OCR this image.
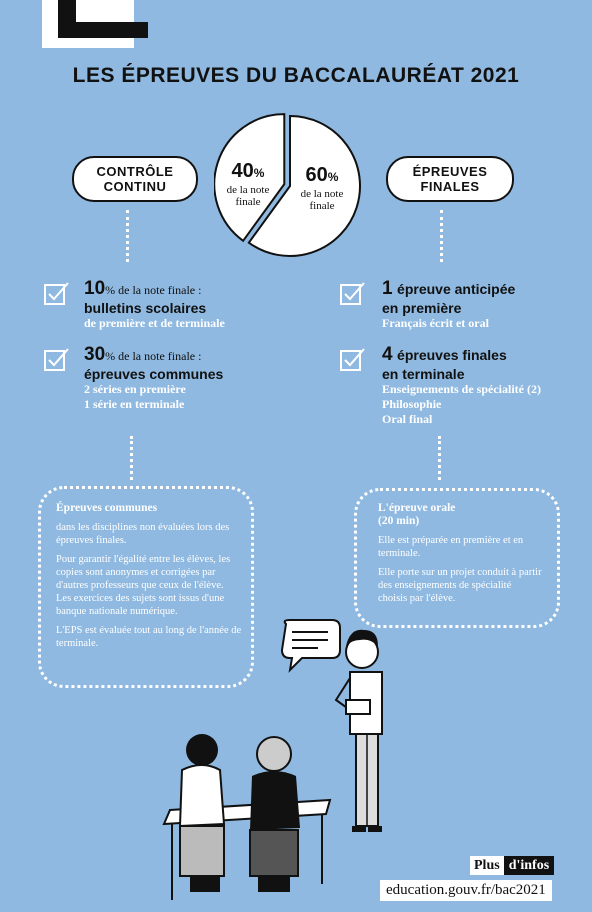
LES ÉPREUVES DU BACCALAURÉAT 2021
CONTRÔLE
CONTINU
ÉPREUVES
FINALES
40%
de la note
finale
60%
de la note
finale
10% de la note finale :
bulletins scolaires
de première et de terminale
30% de la note finale :
épreuves communes
2 séries en première
1 série en terminale
1 épreuve anticipée
en première
Français écrit et oral
4 épreuves finales
en terminale
Enseignements de spécialité (2)
Philosophie
Oral final

Épreuves communes

dans les disciplines non évaluées lors des épreuves finales.

Pour garantir l'égalité entre les élèves, les copies sont anonymes et corrigées par d'autres professeurs que ceux de l'élève.

Les exercices des sujets sont issus d'une banque nationale numérique.

L'EPS est évaluée tout au long de l'année de terminale.

L'épreuve orale

(20 min)

Elle est préparée en première et en terminale.

Elle porte sur un projet conduit à partir des enseignements de spécialité choisis par l'élève.

Plus d'infos
education.gouv.fr/bac2021
